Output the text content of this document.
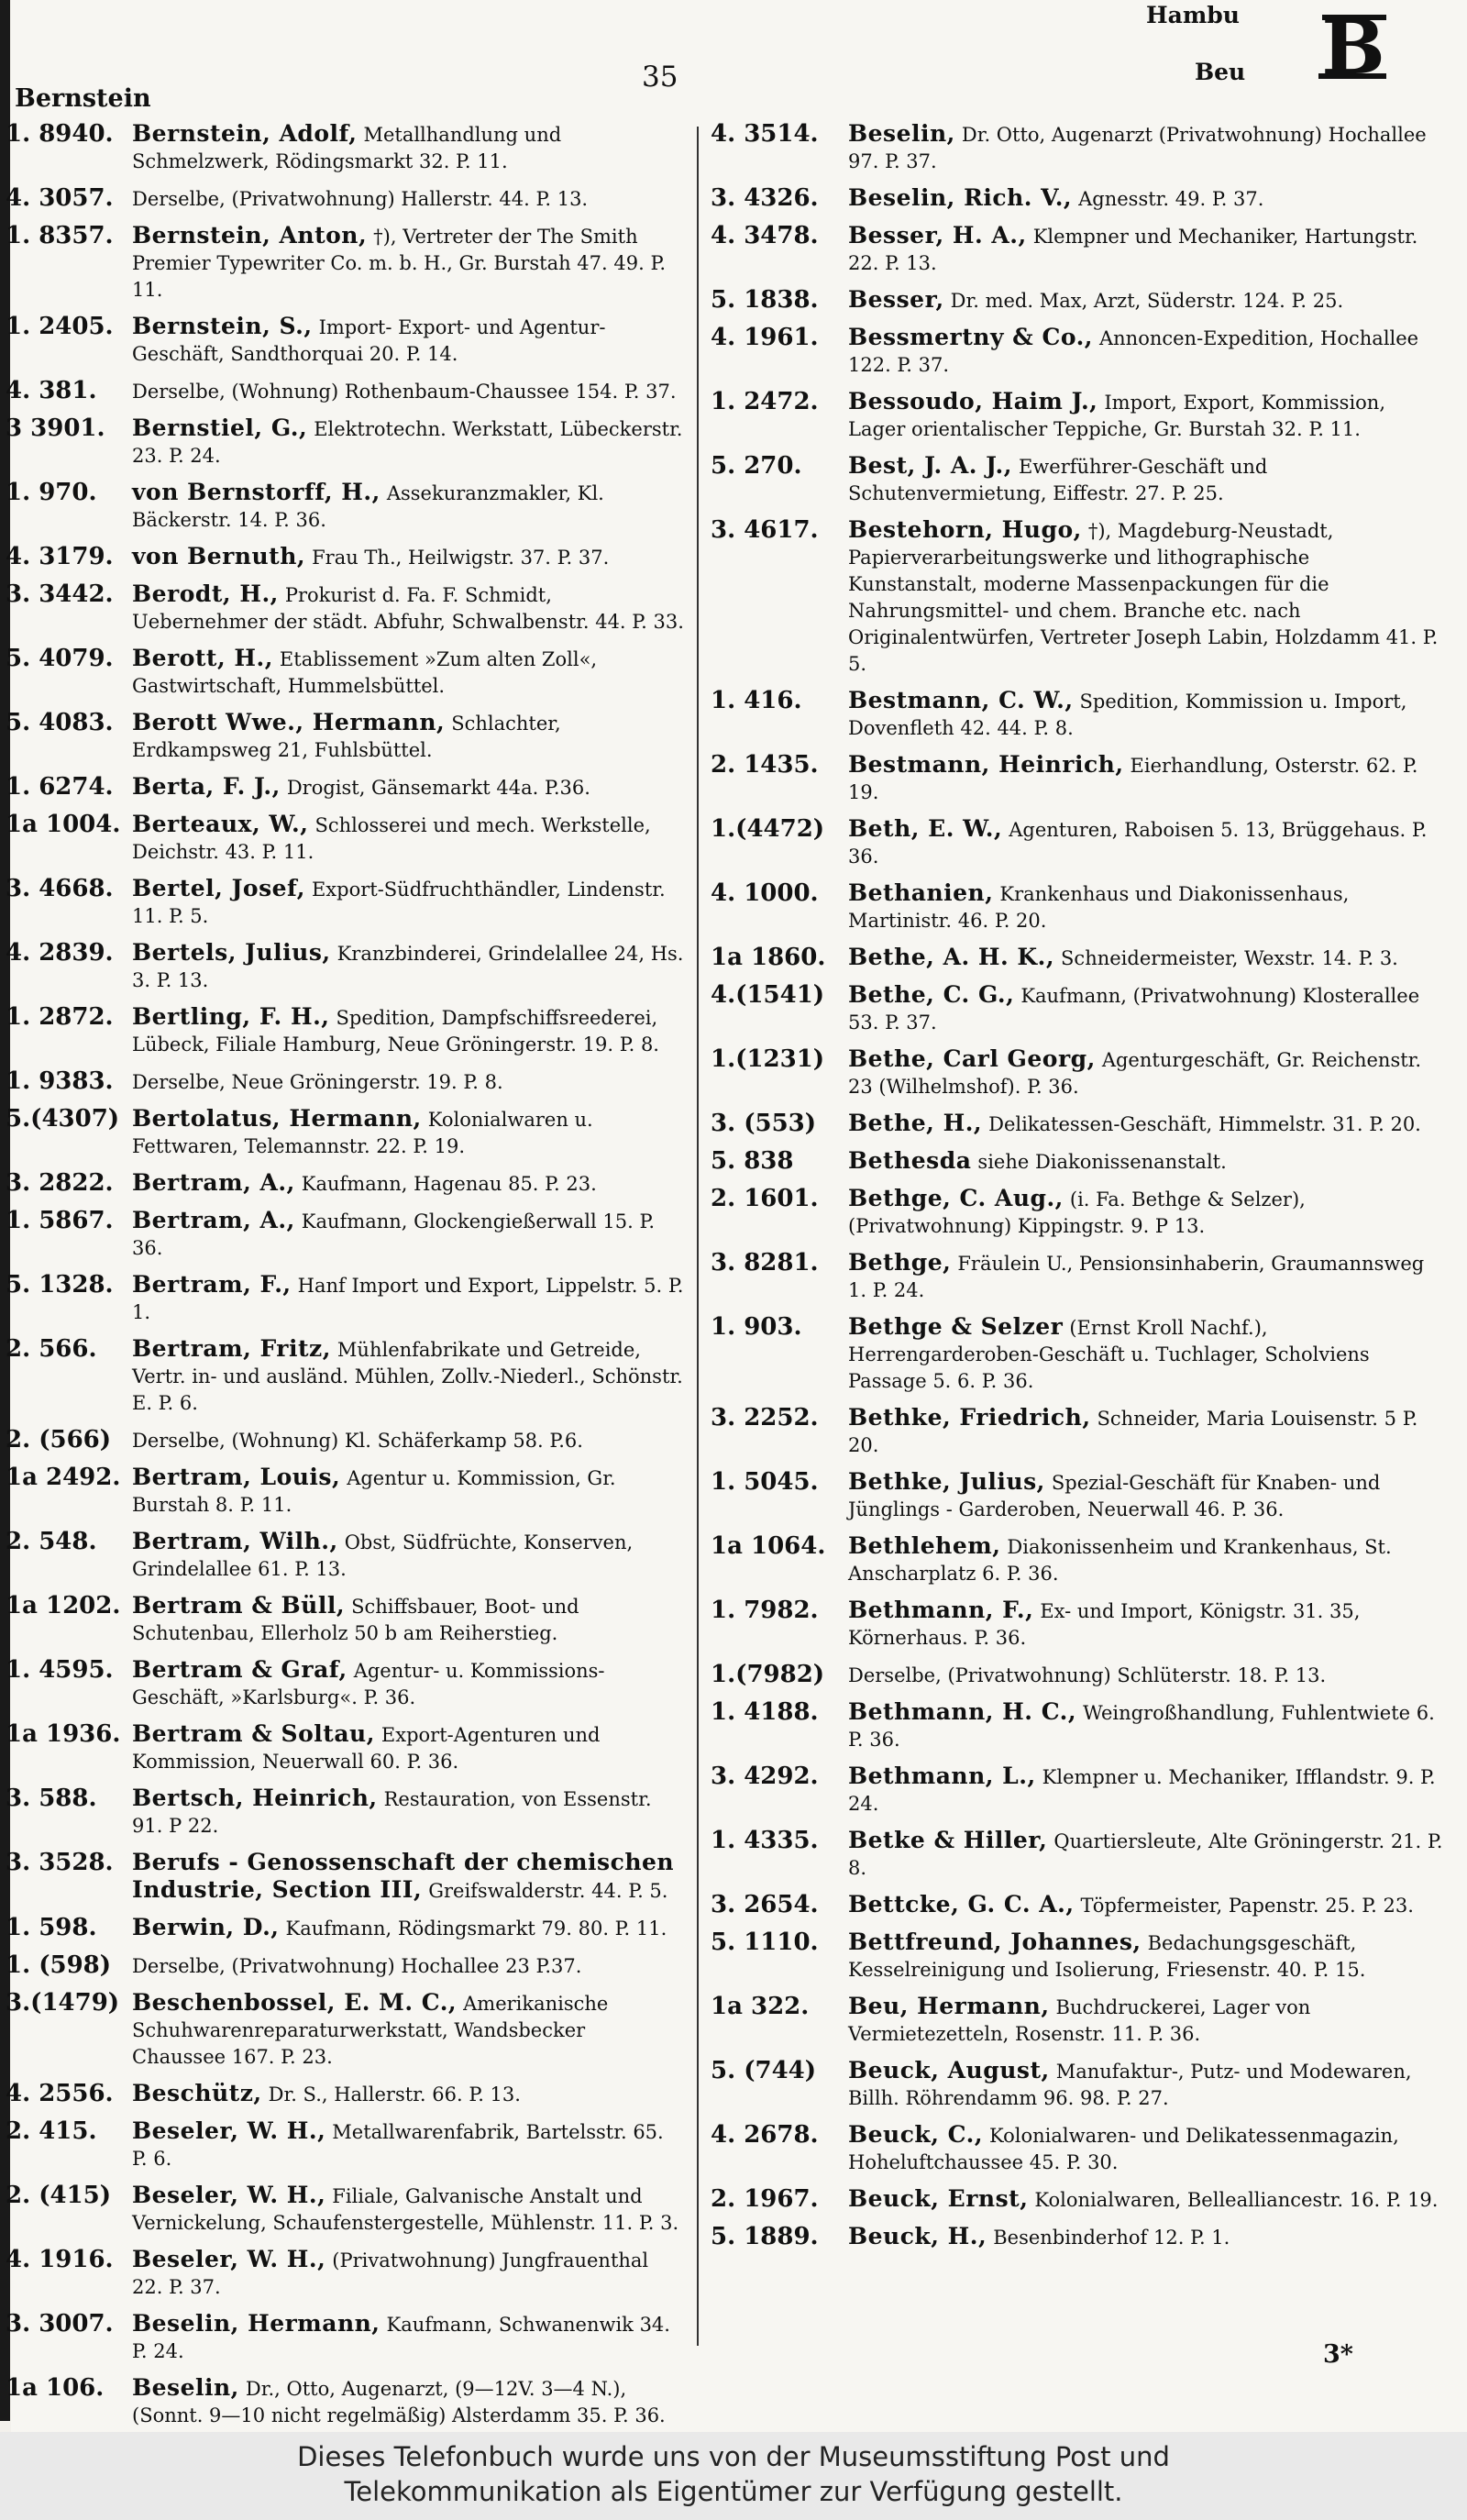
Bernstein
35
Hambu
Beu B
1. 8940. Bernstein, Adolf, Metallhandlung und Schmelzwerk, Rödingsmarkt 32. P. 11.
4. 3057. Derselbe, (Privatwohnung) Hallerstr. 44. P. 13.
1. 8357. Bernstein, Anton, †), Vertreter der The Smith Premier Typewriter Co. m. b. H., Gr. Burstah 47. 49. P. 11.
1. 2405. Bernstein, S., Import- Export- und Agentur-Geschäft, Sandthorquai 20. P. 14.
4. 381.	Derselbe, (Wohnung) Rothenbaum-Chaussee 154. P. 37.
3 3901.	Bernstiel, G., Elektrotechn. Werkstatt, Lübeckerstr. 23. P. 24.
1. 970.	von Bernstorff, H., Assekuranzmakler, Kl. Bäckerstr. 14. P. 36.
4. 3179. von Bernuth, Frau Th., Heilwigstr. 37. P. 37.
3. 3442. Berodt, H., Prokurist d. Fa. F. Schmidt, Uebernehmer der städt. Abfuhr, Schwalbenstr. 44. P. 33.
5. 4079. Berott, H., Etablissement »Zum alten Zoll«, Gastwirtschaft, Hummelsbüttel.
5. 4083. Berott Wwe., Hermann, Schlachter, Erdkampsweg 21, Fuhlsbüttel.
1. 6274. Berta, F. J., Drogist, Gänsemarkt 44a. P.36.
1a 1004. Berteaux, W., Schlosserei und mech. Werkstelle, Deichstr. 43. P. 11.
3. 4668. Bertel, Josef, Export-Südfruchthändler, Lindenstr. 11. P. 5.
4. 2839. Bertels, Julius, Kranzbinderei, Grindelallee 24, Hs. 3. P. 13.
1. 2872. Bertling, F. H., Spedition, Dampfschiffsreederei, Lübeck, Filiale Hamburg, Neue Gröningerstr. 19. P. 8.
1. 9383. Derselbe, Neue Gröningerstr. 19. P. 8.
5.(4307) Bertolatus, Hermann, Kolonialwaren u. Fettwaren, Telemannstr. 22. P. 19.
3. 2822. Bertram, A., Kaufmann, Hagenau 85. P. 23.
1. 5867. Bertram, A., Kaufmann, Glockengießerwall 15. P. 36.
5. 1328. Bertram, F., Hanf Import und Export, Lippelstr. 5. P. 1.
2. 566.	Bertram, Fritz, Mühlenfabrikate und Getreide, Vertr. in- und ausländ. Mühlen, Zollv.-Niederl., Schönstr. E. P. 6.
2. (566)	Derselbe, (Wohnung) Kl. Schäferkamp 58. P.6.
1a 2492. Bertram, Louis, Agentur u. Kommission, Gr. Burstah 8. P. 11.
2. 548.	Bertram, Wilh., Obst, Südfrüchte, Konserven, Grindelallee 61. P. 13.
1a 1202. Bertram & Büll, Schiffsbauer, Boot- und Schutenbau, Ellerholz 50 b am Reiherstieg.
1. 4595. Bertram & Graf, Agentur- u. Kommissions-Geschäft, »Karlsburg«. P. 36.
1a 1936. Bertram & Soltau, Export-Agenturen und Kommission, Neuerwall 60. P. 36.
3. 588.	Bertsch, Heinrich, Restauration, von Essenstr. 91. P 22.
3. 3528. Berufs - Genossenschaft der chemischen Industrie, Section III, Greifswalderstr. 44. P. 5.
1. 598.	Berwin, D., Kaufmann, Rödingsmarkt 79. 80. P. 11.
1. (598)	Derselbe, (Privatwohnung) Hochallee 23 P.37.
3.(1479) Beschenbossel, E. M. C., Amerikanische Schuhwarenreparaturwerkstatt, Wandsbecker Chaussee 167. P. 23.
4. 2556. Beschütz, Dr. S., Hallerstr. 66. P. 13.
2. 415.	Beseler, W. H., Metallwarenfabrik, Bartelsstr. 65. P. 6.
2. (415) Beseler, W. H., Filiale, Galvanische Anstalt und Vernickelung, Schaufenstergestelle, Mühlenstr. 11. P. 3.
4. 1916. Beseler, W. H., (Privatwohnung) Jungfrauenthal 22. P. 37.
3. 3007. Beselin, Hermann, Kaufmann, Schwanenwik 34. P. 24.
1a 106.	Beselin, Dr., Otto, Augenarzt, (9—12V. 3—4 N.), (Sonnt. 9—10 nicht regelmäßig) Alsterdamm 35. P. 36.
4. 3514.	Beselin, Dr. Otto, Augenarzt (Privatwohnung) Hochallee 97. P. 37.
3. 4326.	Beselin, Rich. V., Agnesstr. 49. P. 37.
4. 3478.	Besser, H. A., Klempner und Mechaniker, Hartungstr. 22. P. 13.
5. 1838.	Besser, Dr. med. Max, Arzt, Süderstr. 124. P. 25.
4. 1961.	Bessmertny & Co., Annoncen-Expedition, Hochallee 122. P. 37.
1. 2472.	Bessoudo, Haim J., Import, Export, Kommission, Lager orientalischer Teppiche, Gr. Burstah 32. P. 11.
5. 270.	Best, J. A. J., Ewerführer-Geschäft und Schutenvermietung, Eiffestr. 27. P. 25.
3. 4617.	Bestehorn, Hugo, †), Magdeburg-Neustadt, Papierverarbeitungswerke und lithographische Kunstanstalt, moderne Massenpackungen für die Nahrungsmittel- und chem. Branche etc. nach Originalentwürfen, Vertreter Joseph Labin, Holzdamm 41. P. 5.
1. 416.	Bestmann, C. W., Spedition, Kommission u. Import, Dovenfleth 42. 44. P. 8.
2. 1435.	Bestmann, Heinrich, Eierhandlung, Osterstr. 62. P. 19.
1.(4472)	Beth, E. W., Agenturen, Raboisen 5. 13, Brüggehaus. P. 36.
4. 1000.	Bethanien, Krankenhaus und Diakonissenhaus, Martinistr. 46. P. 20.
1a 1860. Bethe, A. H. K., Schneidermeister, Wexstr. 14. P. 3.
4.(1541)	Bethe, C. G., Kaufmann, (Privatwohnung) Klosterallee 53. P. 37.
1.(1231)	Bethe, Carl Georg, Agenturgeschäft, Gr. Reichenstr. 23 (Wilhelmshof). P. 36.
3. (553)	Bethe, H., Delikatessen-Geschäft, Himmelstr. 31. P. 20.
5. 838	Bethesda siehe Diakonissenanstalt.
2. 1601.	Bethge, C. Aug., (i. Fa. Bethge & Selzer), (Privatwohnung) Kippingstr. 9. P 13.
3. 8281.	Bethge, Fräulein U., Pensionsinhaberin, Graumannsweg 1. P. 24.
1. 903.	Bethge & Selzer (Ernst Kroll Nachf.), Herrengarderoben-Geschäft u. Tuchlager, Scholviens Passage 5. 6. P. 36.
3. 2252.	Bethke, Friedrich, Schneider, Maria Louisenstr. 5 P. 20.
1. 5045.	Bethke, Julius, Spezial-Geschäft für Knaben- und Jünglings - Garderoben, Neuerwall 46. P. 36.
1a 1064. Bethlehem, Diakonissenheim und Krankenhaus, St. Anscharplatz 6. P. 36.
1. 7982.	Bethmann, F., Ex- und Import, Königstr. 31. 35, Körnerhaus. P. 36.
1.(7982)	Derselbe, (Privatwohnung) Schlüterstr. 18. P. 13.
1. 4188.	Bethmann, H. C., Weingroßhandlung, Fuhlentwiete 6. P. 36.
3. 4292.	Bethmann, L., Klempner u. Mechaniker, Ifflandstr. 9. P. 24.
1. 4335.	Betke & Hiller, Quartiersleute, Alte Gröningerstr. 21. P. 8.
3. 2654.	Bettcke, G. C. A., Töpfermeister, Papenstr. 25. P. 23.
5. 1110.	Bettfreund, Johannes, Bedachungsgeschäft, Kesselreinigung und Isolierung, Friesenstr. 40. P. 15.
1a 322.	Beu, Hermann, Buchdruckerei, Lager von Vermietezetteln, Rosenstr. 11. P. 36.
5. (744)	Beuck, August, Manufaktur-, Putz- und Modewaren, Billh. Röhrendamm 96. 98. P. 27.
4. 2678.	Beuck, C., Kolonialwaren- und Delikatessenmagazin, Hoheluftchaussee 45. P. 30.
2. 1967.	Beuck, Ernst, Kolonialwaren, Bellealliancestr. 16. P. 19.
5. 1889.	Beuck, H., Besenbinderhof 12. P. 1.
3*
Dieses Telefonbuch wurde uns von der Museumsstiftung Post und
Telekommunikation als Eigentümer zur Verfügung gestellt.
